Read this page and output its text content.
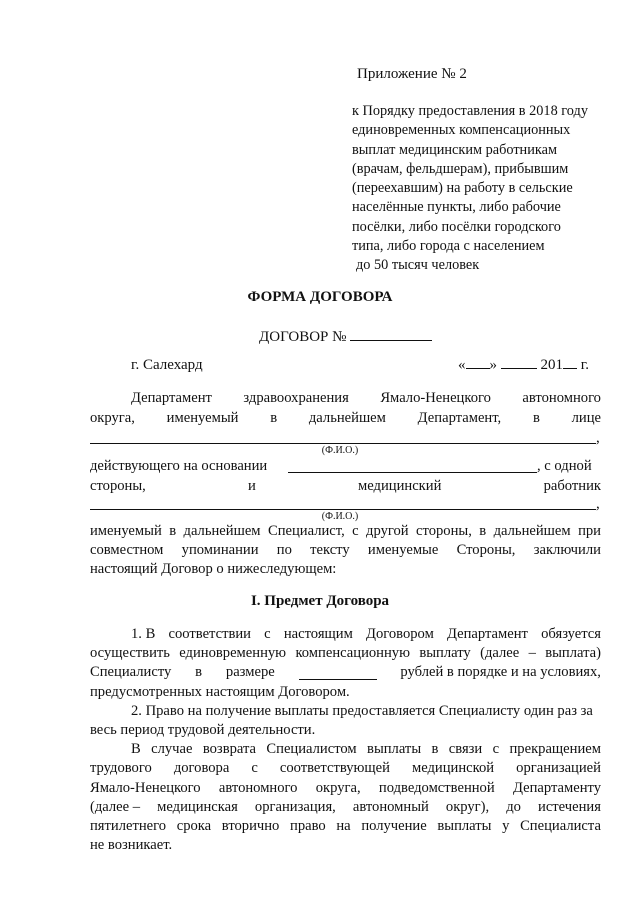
Приложение № 2
к Порядку предоставления в 2018 году
единовременных компенсационных
выплат медицинским работникам
(врачам, фельдшерам), прибывшим
(переехавшим) на работу в сельские
населённые пункты, либо рабочие
посёлки, либо посёлки городского
типа, либо города с населением
до 50 тысяч человек
ФОРМА ДОГОВОРА
ДОГОВОР №
г. Салехард	« »	201 г.
Департамент здравоохранения Ямало-Ненецкого автономного
округа, именуемый в дальнейшем Департамент, в лице
,
(Ф.И.О.)
действующего на основании	, с одной
стороны,	и	медицинский	работник
,
(Ф.И.О.)
именуемый в дальнейшем Специалист, с другой стороны, в дальнейшем при
совместном упоминании по тексту именуемые Стороны, заключили
настоящий Договор о нижеследующем:
I. Предмет Договора
1. В соответствии с настоящим Договором Департамент обязуется
осуществить единовременную компенсационную выплату (далее – выплата)
Специалисту в размере	рублей в порядке и на условиях,
предусмотренных настоящим Договором.
2. Право на получение выплаты предоставляется Специалисту один раз за
весь период трудовой деятельности.
В случае возврата Специалистом выплаты в связи с прекращением
трудового договора с соответствующей медицинской организацией
Ямало-Ненецкого автономного округа, подведомственной Департаменту
(далее – медицинская организация, автономный округ), до истечения
пятилетнего срока вторично право на получение выплаты у Специалиста
не возникает.
